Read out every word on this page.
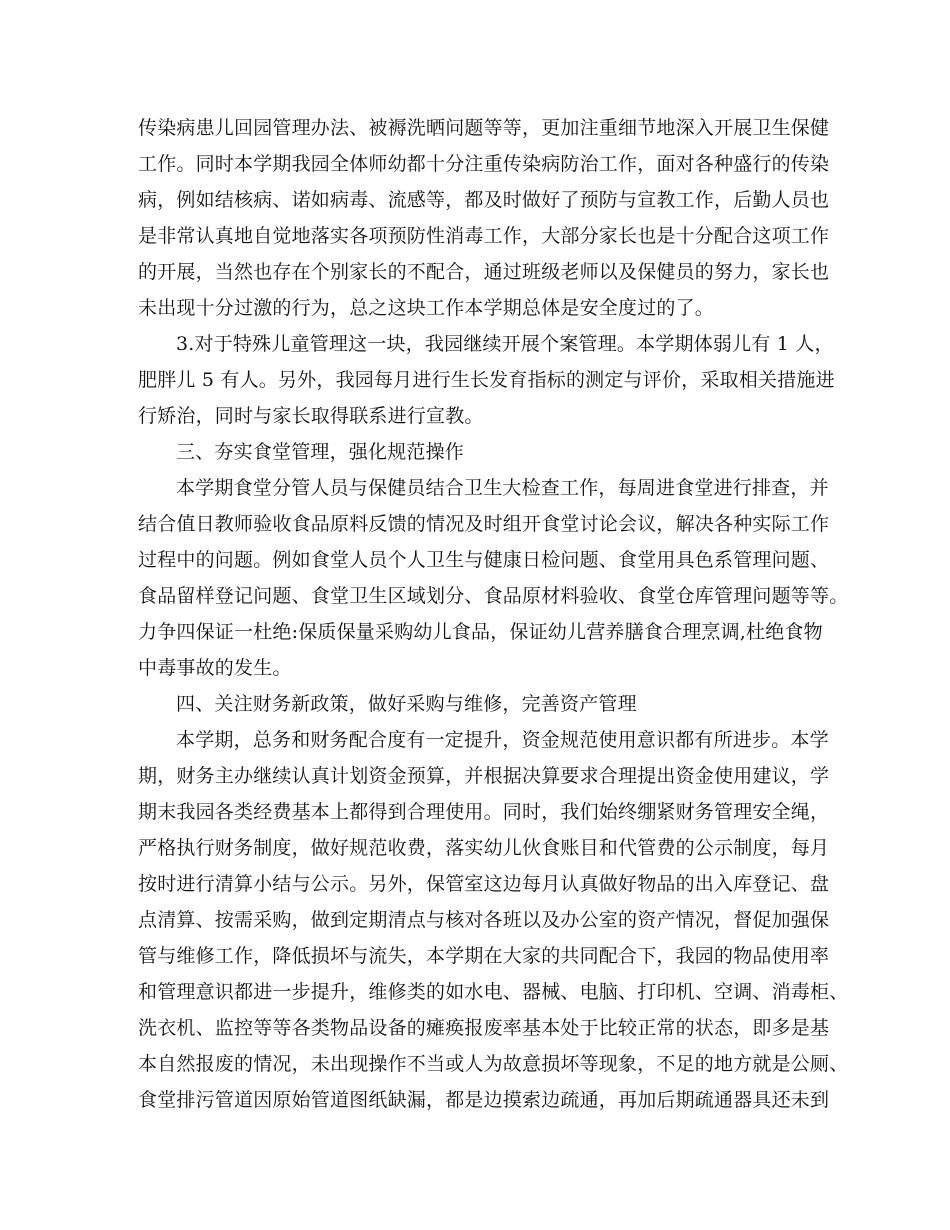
传染病患儿回园管理办法、被褥洗晒问题等等，更加注重细节地深入开展卫生保健
工作。同时本学期我园全体师幼都十分注重传染病防治工作，面对各种盛行的传染
病，例如结核病、诺如病毒、流感等，都及时做好了预防与宣教工作，后勤人员也
是非常认真地自觉地落实各项预防性消毒工作，大部分家长也是十分配合这项工作
的开展，当然也存在个别家长的不配合，通过班级老师以及保健员的努力，家长也
未出现十分过激的行为，总之这块工作本学期总体是安全度过的了。
3.对于特殊儿童管理这一块，我园继续开展个案管理。本学期体弱儿有 1 人，
肥胖儿 5 有人。另外，我园每月进行生长发育指标的测定与评价，采取相关措施进
行矫治，同时与家长取得联系进行宣教。
三、夯实食堂管理，强化规范操作
本学期食堂分管人员与保健员结合卫生大检查工作，每周进食堂进行排查，并
结合值日教师验收食品原料反馈的情况及时组开食堂讨论会议，解决各种实际工作
过程中的问题。例如食堂人员个人卫生与健康日检问题、食堂用具色系管理问题、
食品留样登记问题、食堂卫生区域划分、食品原材料验收、食堂仓库管理问题等等。
力争四保证一杜绝:保质保量采购幼儿食品，保证幼儿营养膳食合理烹调,杜绝食物
中毒事故的发生。
四、关注财务新政策，做好采购与维修，完善资产管理
本学期，总务和财务配合度有一定提升，资金规范使用意识都有所进步。本学
期，财务主办继续认真计划资金预算，并根据决算要求合理提出资金使用建议，学
期末我园各类经费基本上都得到合理使用。同时，我们始终绷紧财务管理安全绳，
严格执行财务制度，做好规范收费，落实幼儿伙食账目和代管费的公示制度，每月
按时进行清算小结与公示。另外，保管室这边每月认真做好物品的出入库登记、盘
点清算、按需采购，做到定期清点与核对各班以及办公室的资产情况，督促加强保
管与维修工作，降低损坏与流失，本学期在大家的共同配合下，我园的物品使用率
和管理意识都进一步提升，维修类的如水电、器械、电脑、打印机、空调、消毒柜、
洗衣机、监控等等各类物品设备的瘫痪报废率基本处于比较正常的状态，即多是基
本自然报废的情况，未出现操作不当或人为故意损坏等现象，不足的地方就是公厕、
食堂排污管道因原始管道图纸缺漏，都是边摸索边疏通，再加后期疏通器具还未到
